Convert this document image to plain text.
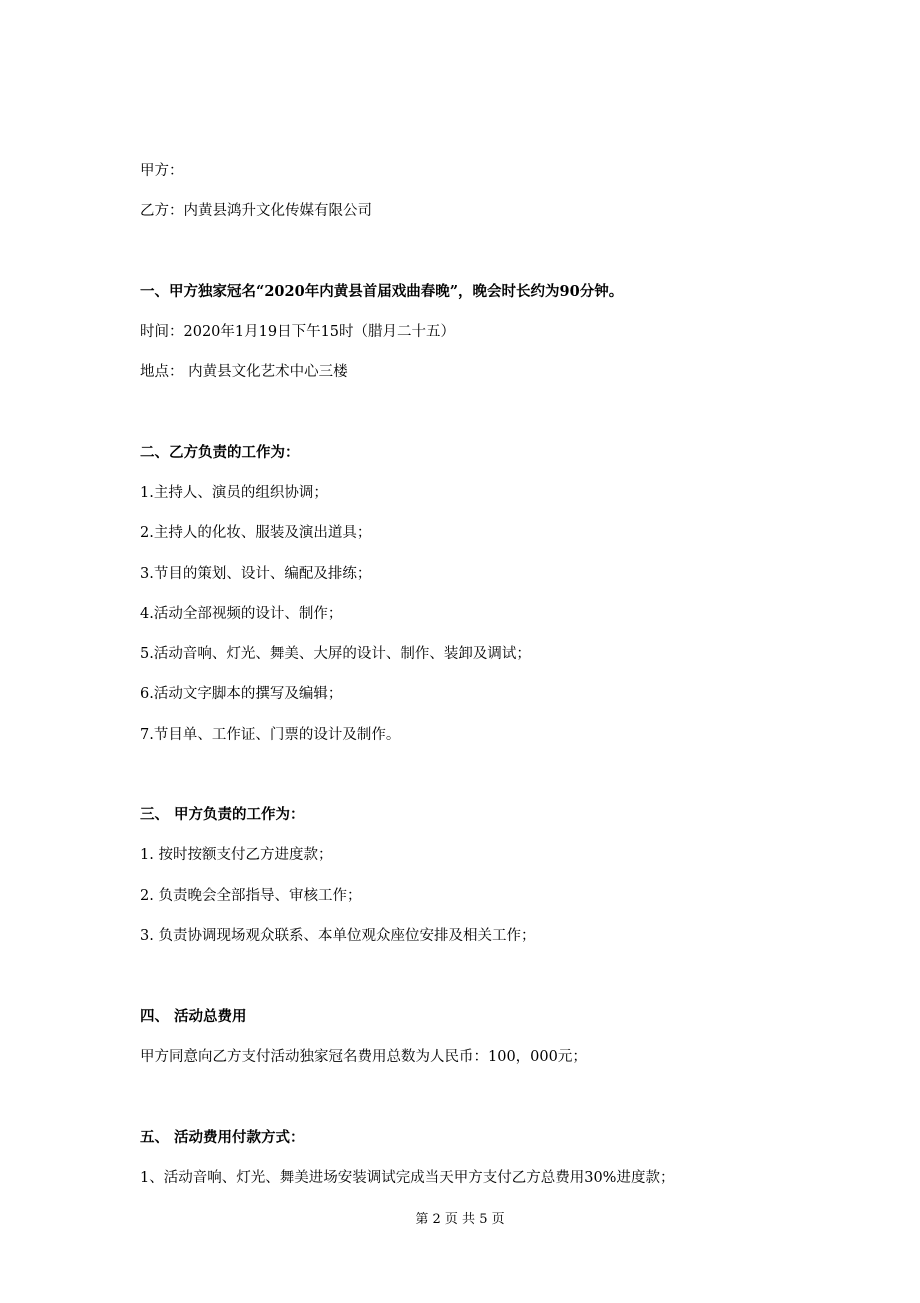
甲方：
乙方：内黄县鸿升文化传媒有限公司
一、甲方独家冠名“2020年内黄县首届戏曲春晚”，晚会时长约为90分钟。
时间：2020年1月19日下午15时（腊月二十五）
地点： 内黄县文化艺术中心三楼
二、乙方负责的工作为：
1.主持人、演员的组织协调；
2.主持人的化妆、服装及演出道具；
3.节目的策划、设计、编配及排练；
4.活动全部视频的设计、制作；
5.活动音响、灯光、舞美、大屏的设计、制作、装卸及调试；
6.活动文字脚本的撰写及编辑；
7.节目单、工作证、门票的设计及制作。
三、 甲方负责的工作为：
1. 按时按额支付乙方进度款；
2. 负责晚会全部指导、审核工作；
3. 负责协调现场观众联系、本单位观众座位安排及相关工作；
四、 活动总费用
甲方同意向乙方支付活动独家冠名费用总数为人民币：100，000元；
五、 活动费用付款方式：
1、活动音响、灯光、舞美进场安装调试完成当天甲方支付乙方总费用30%进度款；
第 2 页 共 5 页
